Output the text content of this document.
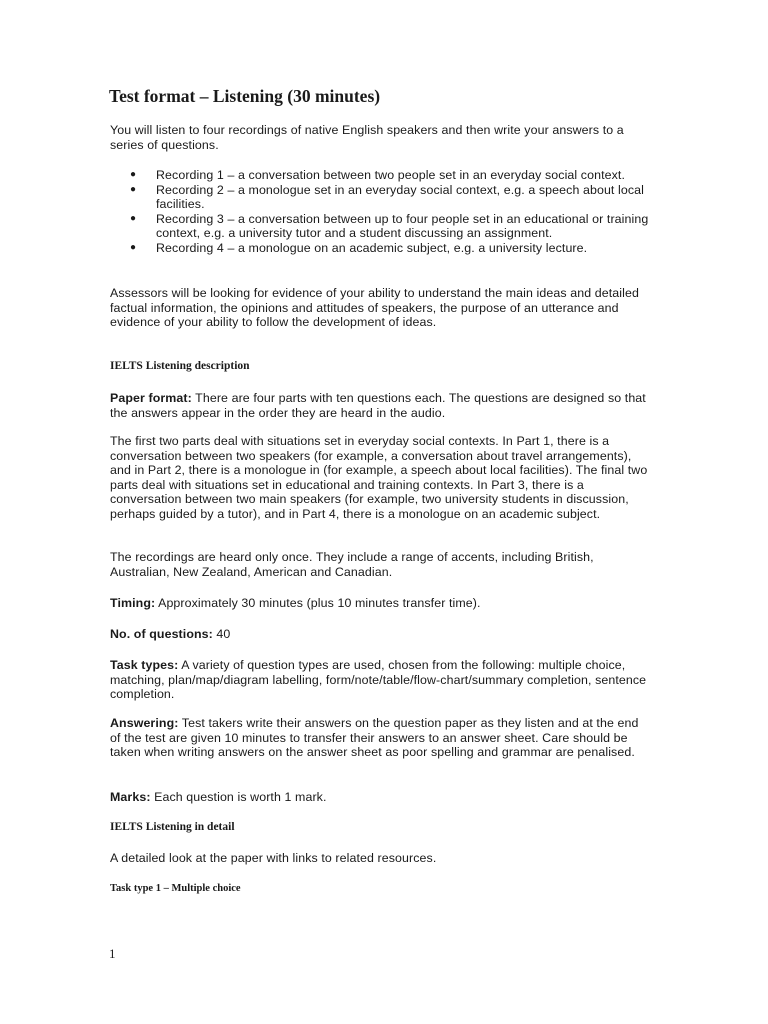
Test format – Listening (30 minutes)

You will listen to four recordings of native English speakers and then write your answers to a series of questions.

● Recording 1 – a conversation between two people set in an everyday social context.
● Recording 2 – a monologue set in an everyday social context, e.g. a speech about local facilities.
● Recording 3 – a conversation between up to four people set in an educational or training context, e.g. a university tutor and a student discussing an assignment.
● Recording 4 – a monologue on an academic subject, e.g. a university lecture.

Assessors will be looking for evidence of your ability to understand the main ideas and detailed factual information, the opinions and attitudes of speakers, the purpose of an utterance and evidence of your ability to follow the development of ideas.

IELTS Listening description

Paper format: There are four parts with ten questions each. The questions are designed so that the answers appear in the order they are heard in the audio.

The first two parts deal with situations set in everyday social contexts. In Part 1, there is a conversation between two speakers (for example, a conversation about travel arrangements), and in Part 2, there is a monologue in (for example, a speech about local facilities). The final two parts deal with situations set in educational and training contexts. In Part 3, there is a conversation between two main speakers (for example, two university students in discussion, perhaps guided by a tutor), and in Part 4, there is a monologue on an academic subject.

The recordings are heard only once. They include a range of accents, including British, Australian, New Zealand, American and Canadian.

Timing: Approximately 30 minutes (plus 10 minutes transfer time).

No. of questions: 40

Task types: A variety of question types are used, chosen from the following: multiple choice, matching, plan/map/diagram labelling, form/note/table/flow-chart/summary completion, sentence completion.

Answering: Test takers write their answers on the question paper as they listen and at the end of the test are given 10 minutes to transfer their answers to an answer sheet. Care should be taken when writing answers on the answer sheet as poor spelling and grammar are penalised.

Marks: Each question is worth 1 mark.

IELTS Listening in detail

A detailed look at the paper with links to related resources.

Task type 1 – Multiple choice
1
